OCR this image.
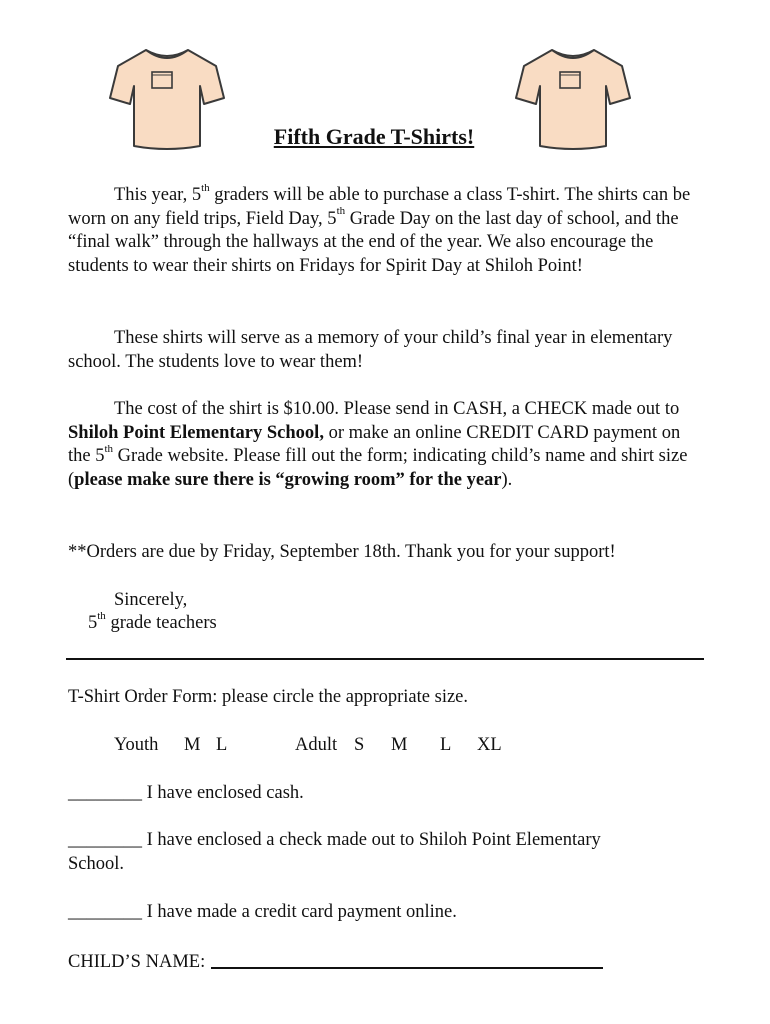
Fifth Grade T-Shirts!
This year, 5th graders will be able to purchase a class T-shirt. The shirts can be worn on any field trips, Field Day, 5th Grade Day on the last day of school, and the “final walk” through the hallways at the end of the year. We also encourage the students to wear their shirts on Fridays for Spirit Day at Shiloh Point!
These shirts will serve as a memory of your child’s final year in elementary school. The students love to wear them!
The cost of the shirt is $10.00. Please send in CASH, a CHECK made out to Shiloh Point Elementary School, or make an online CREDIT CARD payment on the 5th Grade website. Please fill out the form; indicating child’s name and shirt size (please make sure there is “growing room” for the year).
**Orders are due by Friday, September 18th. Thank you for your support!
Sincerely,
5th grade teachers
T-Shirt Order Form: please circle the appropriate size.
Youth M L	Adult S M L XL
________ I have enclosed cash.
________ I have enclosed a check made out to Shiloh Point Elementary
School.
________ I have made a credit card payment online.
CHILD’S NAME:
